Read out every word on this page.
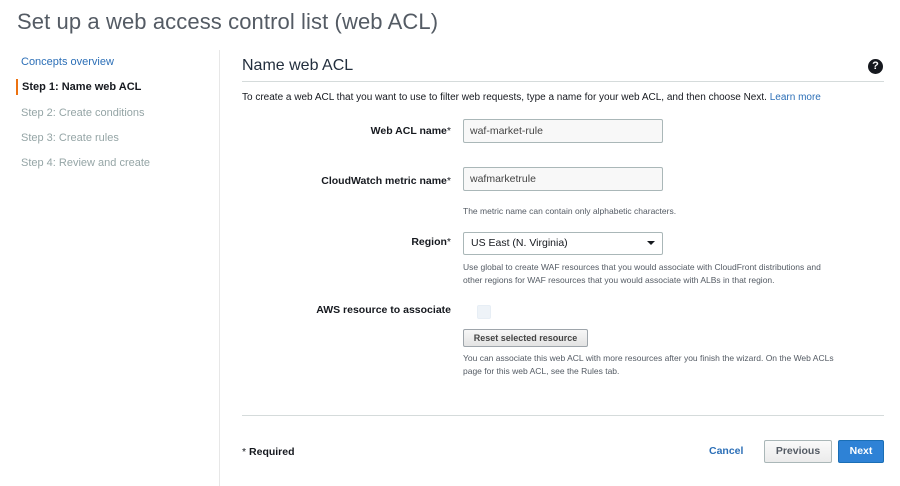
Set up a web access control list (web ACL)
Concepts overview
Step 1: Name web ACL
Step 2: Create conditions
Step 3: Create rules
Step 4: Review and create
Name web ACL	?
To create a web ACL that you want to use to filter web requests, type a name for your web ACL, and then choose Next. Learn more
Web ACL name*
waf-market-rule
CloudWatch metric name*
wafmarketrule
The metric name can contain only alphabetic characters.
Region*	US East (N. Virginia)
Use global to create WAF resources that you would associate with CloudFront distributions and
other regions for WAF resources that you would associate with ALBs in that region.
AWS resource to associate
Reset selected resource
You can associate this web ACL with more resources after you finish the wizard. On the Web ACLs
page for this web ACL, see the Rules tab.
* Required	Cancel	Previous	Next
